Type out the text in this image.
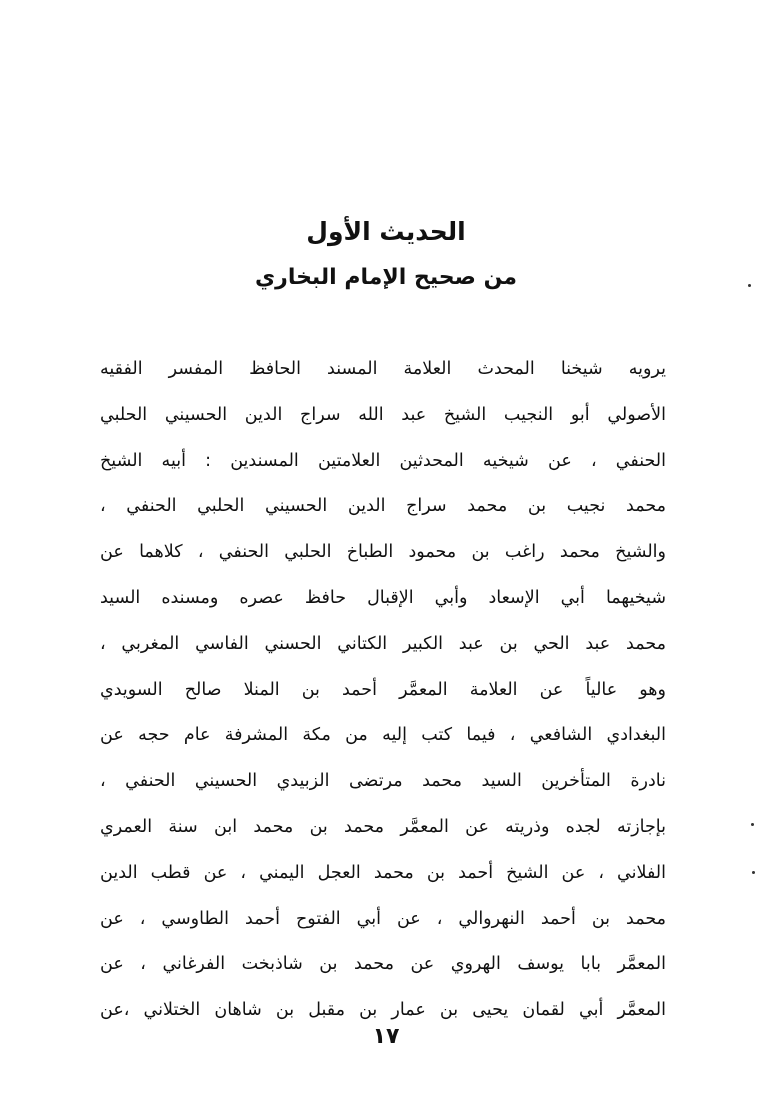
الحديث الأول
من صحيح الإمام البخاري
يرويه شيخنا المحدث العلامة المسند الحافظ المفسر الفقيه
الأصولي أبو النجيب الشيخ عبد الله سراج الدين الحسيني الحلبي
الحنفي ، عن شيخيه المحدثين العلامتين المسندين : أبيه الشيخ
محمد نجيب بن محمد سراج الدين الحسيني الحلبي الحنفي ،
والشيخ محمد راغب بن محمود الطباخ الحلبي الحنفي ، كلاهما عن
شيخيهما أبي الإسعاد وأبي الإقبال حافظ عصره ومسنده السيد
محمد عبد الحي بن عبد الكبير الكتاني الحسني الفاسي المغربي ،
وهو عالياً عن العلامة المعمَّر أحمد بن المنلا صالح السويدي
البغدادي الشافعي ، فيما كتب إليه من مكة المشرفة عام حجه عن
نادرة المتأخرين السيد محمد مرتضى الزبيدي الحسيني الحنفي ،
بإجازته لجده وذريته عن المعمَّر محمد بن محمد ابن سنة العمري
الفلاني ، عن الشيخ أحمد بن محمد العجل اليمني ، عن قطب الدين
محمد بن أحمد النهروالي ، عن أبي الفتوح أحمد الطاوسي ، عن
المعمَّر بابا يوسف الهروي عن محمد بن شاذبخت الفرغاني ، عن
المعمَّر أبي لقمان يحيى بن عمار بن مقبل بن شاهان الختلاني ،عن
١٧
